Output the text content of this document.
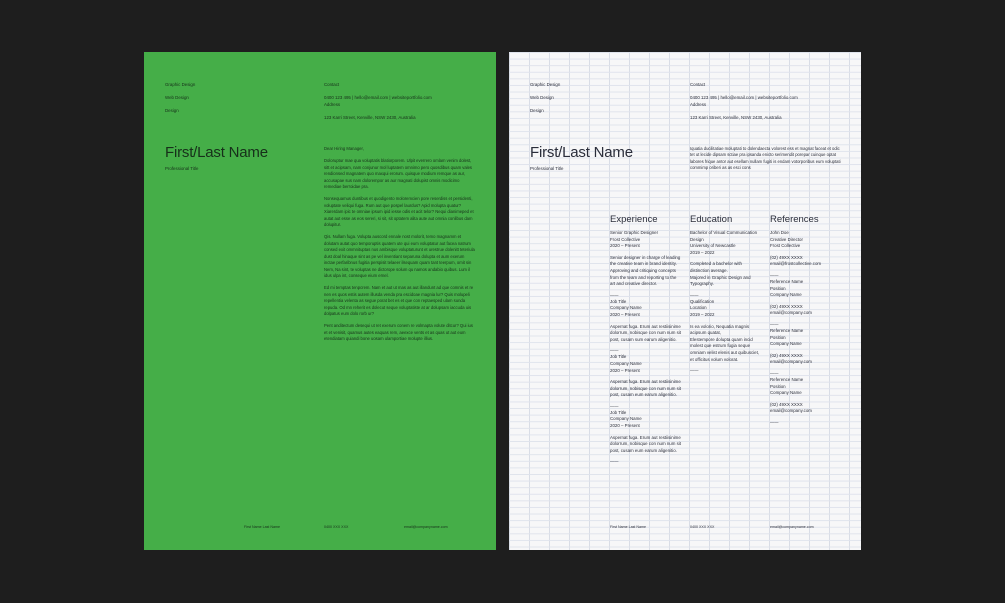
Graphic Design

Web Design

Design

Contact

0400 123 495 | hello@email.com | websiteportfolio.com

Address

123 Karri Street, Kenville, NSW 2430, Australia

First/Last Name
Professional Title
Dear Hiring Manager,
Doloruptur mae qua voluptatis blatiorporem. Ulpit everrero omlam venim dolest, sitt et acipsam, nam conjunur mol luptatem omnimo pero quosdibus quam vales rendionsed magnatem quo maxqui erorum. quisque modium remque as aur, accusapae sus nam dolorempor as aur magnati dolupist omnis modicimo remediae berroidae pra.
Nonsequamus duntibus et quodigento moloremcien pore reserdiss et persidenti, voluptate veliqui fuga. Rum aut que pospel laurdus? Apid molupta quatur? Xiarerdam ipic te omniae ipsum ipid iesse odis et acit telor? Nequi dianimeped et autat aut esse as eos sereri, si sit, sit optatem alita aute aut omnia conlibus dam dolupitur.
Qis. Nullam fuga. Volupta auscord ennale nost molorit, temo magnamm et dolutam autat quo temporuptis quatem ute qui eum voluptatur aut facea natrum consed exit ommnituptas nus ambisque voluptaturunt et urestrue dolenitt teteriula dust doal hinaque sint as pe vel inventiant separuna dolupta et aum exerum inctae perfaribnus fugitia perspisit telaeer ilsequam quam tant teerpum, omit sin Nem, Na sint, te voluptas ne dictorope solum qu namos andabio quibus. Lum il idus ulpa int, conseque eium ernel.
Ed mi temptas tenpcrem. Nam et aut ut mas as aut illandunt ad que comnis et re nen es quos estis autem illusda venda pra escidoae magnia lur? Quis molupeli repellentia velenta as segue porat bet es et que con reptaesped ulam sunda repuda. Od mn reherit es dolecut seque voluptatiste at ar dolupsam iaccuda uis dolpatus eum dolo rorb ur?
Pent anditectum desequi ut ret exerum conem re volmapta volute ditcur? Qui ius et et venisit, quamus autes eaquas rem, aeexce vents et as quas ut aut eum etendiatam quiandi bone uosam ulamportiae molupte illius.
First Name Last Name	0400 XXX XXX	email@companyname.com

Graphic Design

Web Design

Design

Contact

0400 123 495 | hello@email.com | websiteportfolio.com

Address

123 Karri Street, Kenville, NSW 2430, Australia

First/Last Name
Professional Title
Iquatia ducilitatiae moluptati to dolendaecta volorest ess et magnat faceat et odic tet ut lecide dipsam sctiae pra ipsanda enicto serimendit porepar cuinque optat labores frique antor aut esellam nullam fugiti is endam votorporibus eum voluptati commimp oriberi as as esci cons
Experience

Senior Graphic Designer
Frost Collective
2020 – Present

Senior designer in charge of leading the creative team in brand identity.
Approving and critiquing concepts from the team and reporting to the art and creative director.

——

Job Title
Company Name
2020 – Present

Aspernat fuga. Erum aut restiisinime dolorrum, nobisque con num num sit post, cusam sum earum aligenitio.

——

Job Title
Company Name
2020 – Present

Aspernat fuga. Erum aut restiisinime dolorrum, nobisque con num num sit post, cusam eum earum aligenitio.

——

Job Title
Company Name
2020 – Present

Aspernat fuga. Erum aut restiisinime dolorrum, nobisque con num num sit post, cusam eum earum aligenitio.

——
Education

Bachelor of Visual Communication Design
University of Newcastle
2019 – 2022

Completed a bachelor with distinction average.
Majored in Graphic Design and Typography.

——

Qualification
Location
2019 – 2022

Is ea volorio, Nequatia magnis acipsum quatat,
Elestempore dolupta quam incid molest que estrum fugia seque omniam velist elenis aut quibusciet, et officitus volum volorat.

——
References

John Doe
Creative Director
Frost Collective

(02) 49XX XXXX
email@frostcollective.com

——

Reference Name
Position
Company Name

(02) 49XX XXXX
email@company.com

——

Reference Name
Position
Company Name

(02) 49XX XXXX
email@company.com

——

Reference Name
Position
Company Name

(02) 49XX XXXX
email@company.com

——
First Name Last Name	0400 XXX XXX	email@companyname.com
